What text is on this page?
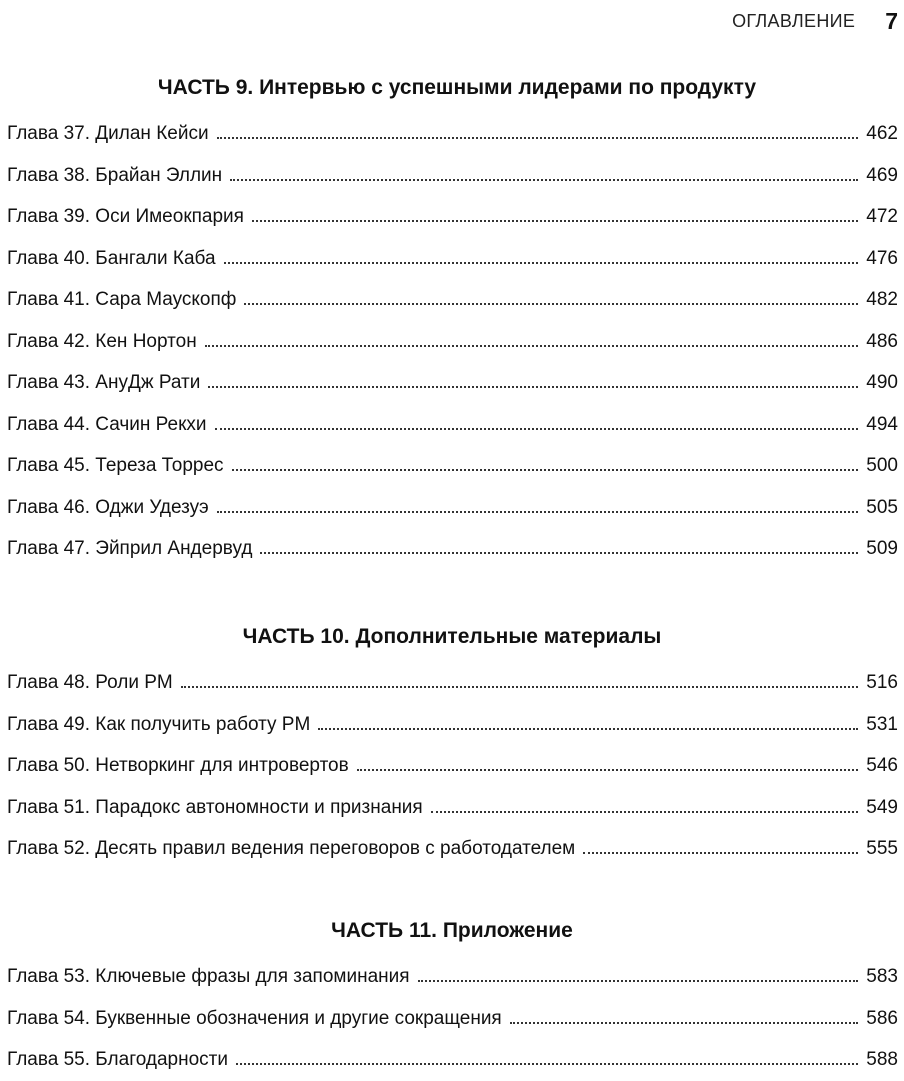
ОГЛАВЛЕНИЕ 7
ЧАСТЬ 9. Интервью с успешными лидерами по продукту
Глава 37. Дилан Кейси	462
Глава 38. Брайан Эллин	469
Глава 39. Оси Имеокпария	472
Глава 40. Бангали Каба	476
Глава 41. Сара Маускопф	482
Глава 42. Кен Нортон	486
Глава 43. АнуДж Рати	490
Глава 44. Сачин Рекхи	494
Глава 45. Тереза Торрес	500
Глава 46. Оджи Удезуэ	505
Глава 47. Эйприл Андервуд	509
ЧАСТЬ 10. Дополнительные материалы
Глава 48. Роли PM	516
Глава 49. Как получить работу PM	531
Глава 50. Нетворкинг для интровертов	546
Глава 51. Парадокс автономности и признания	549
Глава 52. Десять правил ведения переговоров с работодателем	555
ЧАСТЬ 11. Приложение
Глава 53. Ключевые фразы для запоминания	583
Глава 54. Буквенные обозначения и другие сокращения	586
Глава 55. Благодарности	588
